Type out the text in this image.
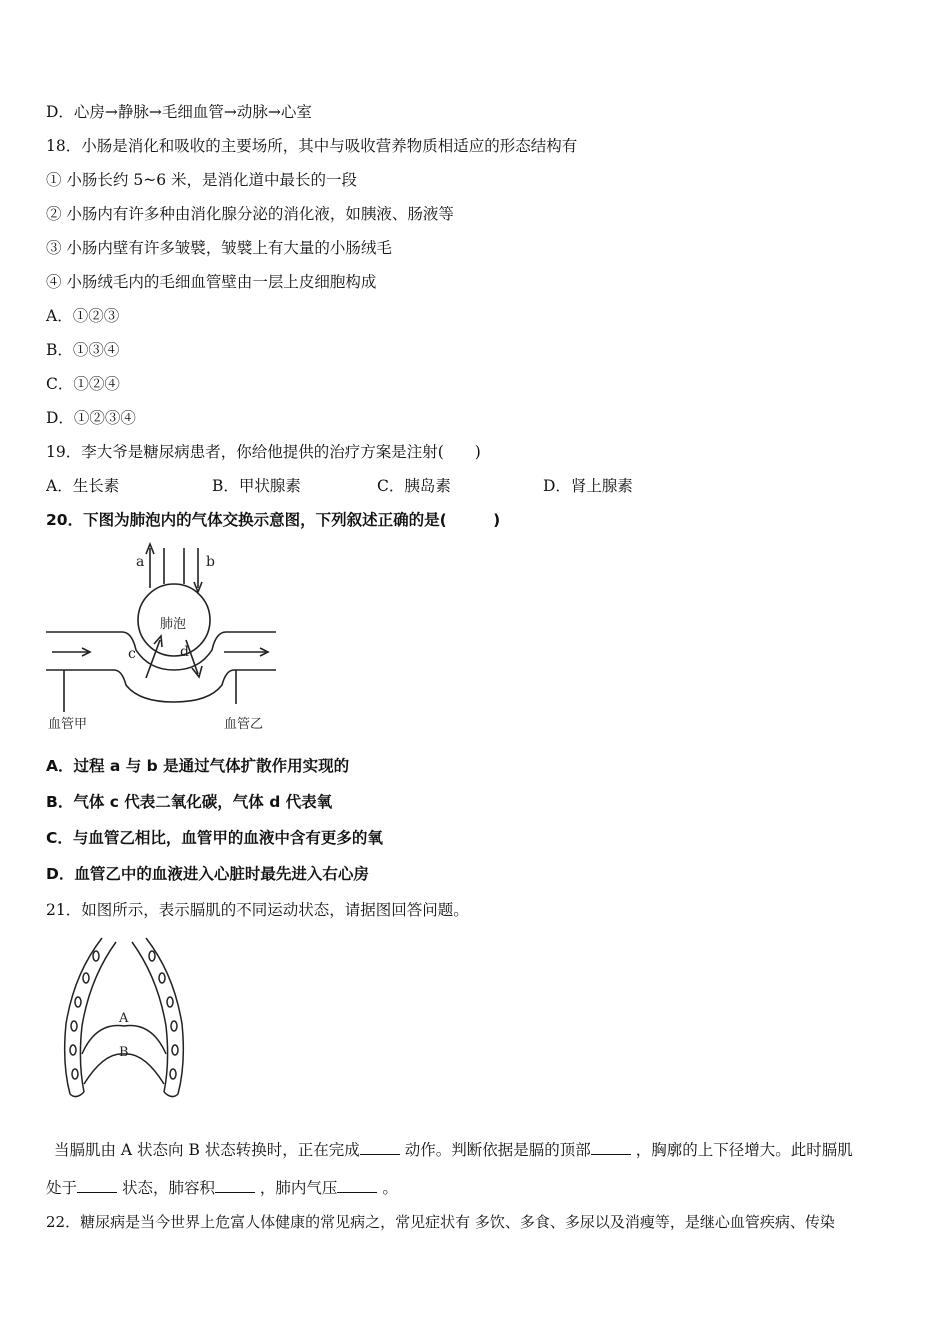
D．心房→静脉→毛细血管→动脉→心室
18．小肠是消化和吸收的主要场所，其中与吸收营养物质相适应的形态结构有
① 小肠长约 5~6 米，是消化道中最长的一段
② 小肠内有许多种由消化腺分泌的消化液，如胰液、肠液等
③ 小肠内壁有许多皱襞，皱襞上有大量的小肠绒毛
④ 小肠绒毛内的毛细血管壁由一层上皮细胞构成
A．①②③
B．①③④
C．①②④
D．①②③④
19．李大爷是糖尿病患者，你给他提供的治疗方案是注射(　　)
A．生长素	B．甲状腺素	C．胰岛素	D．肾上腺素
20．下图为肺泡内的气体交换示意图，下列叙述正确的是(　　　)
a	b
c	d
肺泡
血管甲	血管乙
A．过程 a 与 b 是通过气体扩散作用实现的
B．气体 c 代表二氧化碳，气体 d 代表氧
C．与血管乙相比，血管甲的血液中含有更多的氧
D．血管乙中的血液进入心脏时最先进入右心房
21．如图所示，表示膈肌的不同运动状态，请据图回答问题。
A
B
当膈肌由 A 状态向 B 状态转换时，正在完成	动作。判断依据是膈的顶部	，胸廓的上下径增大。此时膈肌
处于	状态，肺容积	，肺内气压	。
22．糖尿病是当今世界上危富人体健康的常见病之，常见症状有 多饮、多食、多尿以及消瘦等，是继心血管疾病、传染
